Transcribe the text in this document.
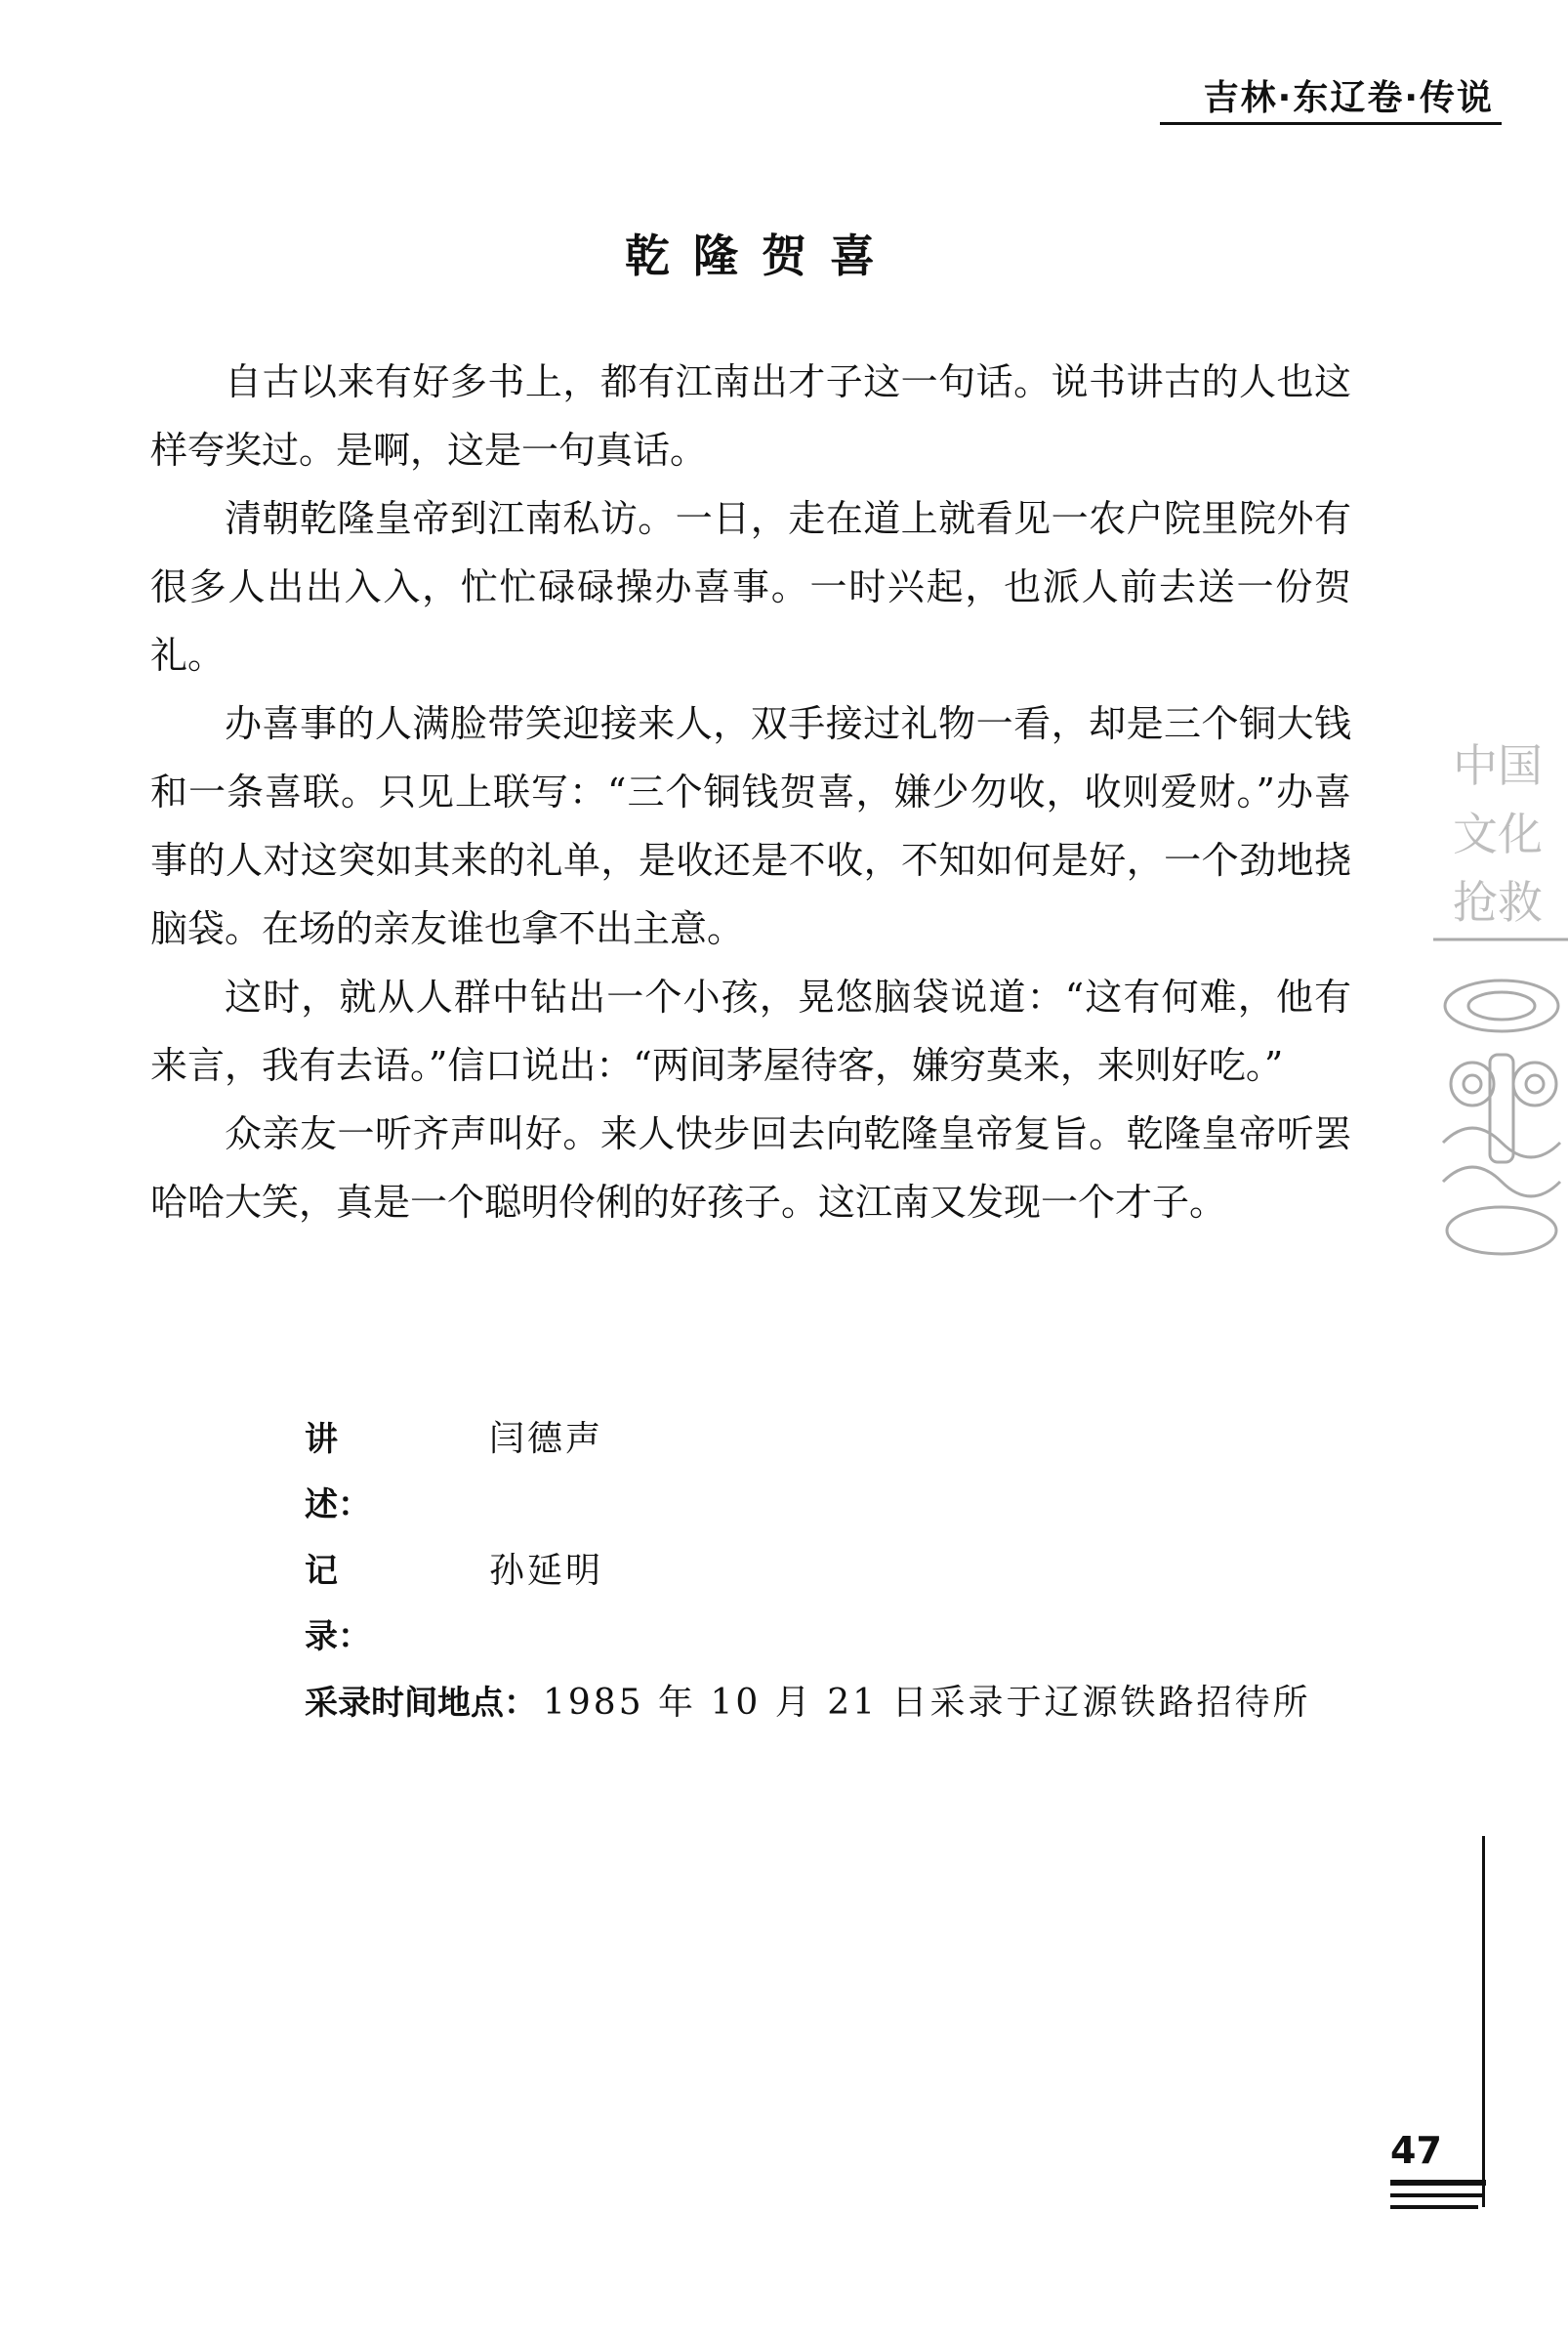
吉林·东辽卷·传说
乾隆贺喜

自古以来有好多书上，都有江南出才子这一句话。说书讲古的人也这样夸奖过。是啊，这是一句真话。

清朝乾隆皇帝到江南私访。一日，走在道上就看见一农户院里院外有很多人出出入入，忙忙碌碌操办喜事。一时兴起，也派人前去送一份贺礼。

办喜事的人满脸带笑迎接来人，双手接过礼物一看，却是三个铜大钱和一条喜联。只见上联写：“三个铜钱贺喜，嫌少勿收，收则爱财。”办喜事的人对这突如其来的礼单，是收还是不收，不知如何是好，一个劲地挠脑袋。在场的亲友谁也拿不出主意。

这时，就从人群中钻出一个小孩，晃悠脑袋说道：“这有何难，他有来言，我有去语。”信口说出：“两间茅屋待客，嫌穷莫来，来则好吃。”

众亲友一听齐声叫好。来人快步回去向乾隆皇帝复旨。乾隆皇帝听罢哈哈大笑，真是一个聪明伶俐的好孩子。这江南又发现一个才子。

讲述：
闫德声
记录：
孙延明
采录时间地点： 1985 年 10 月 21 日采录于辽源铁路招待所
中国
文化
抢救
47
